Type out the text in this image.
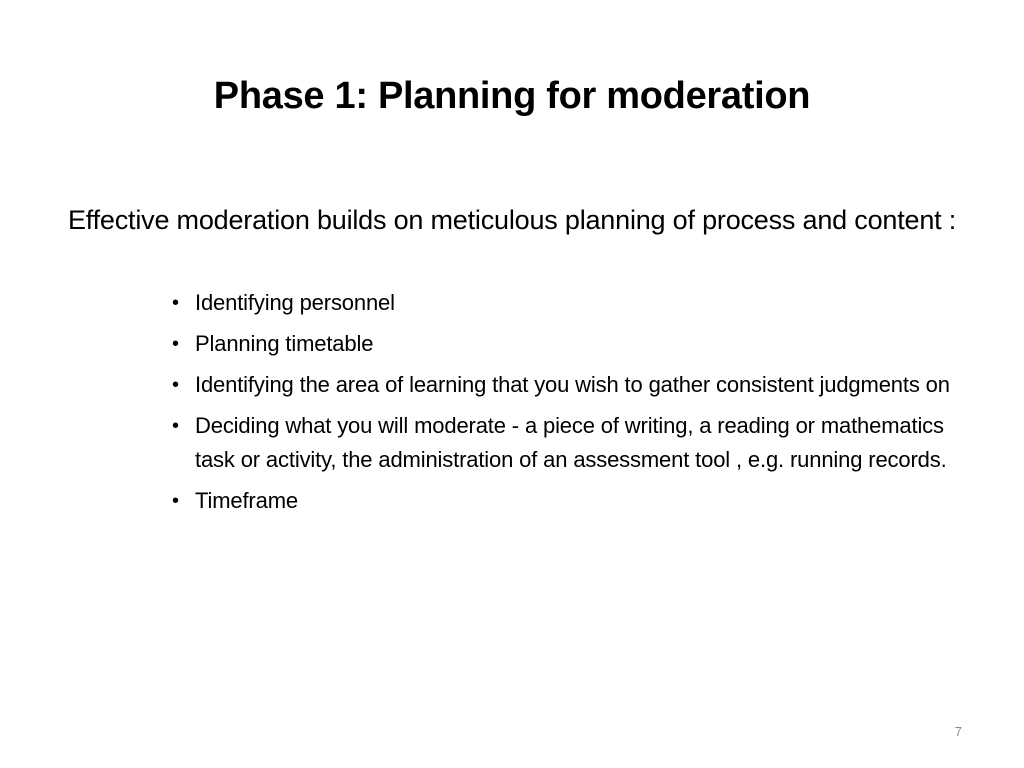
Phase 1: Planning for moderation
Effective moderation builds on meticulous planning of process and content :
• Identifying personnel
• Planning timetable
• Identifying the area of learning that you wish to gather consistent judgments on
• Deciding what you will moderate - a piece of writing, a reading or mathematics task or activity, the administration of an assessment tool , e.g. running records.
• Timeframe
7
